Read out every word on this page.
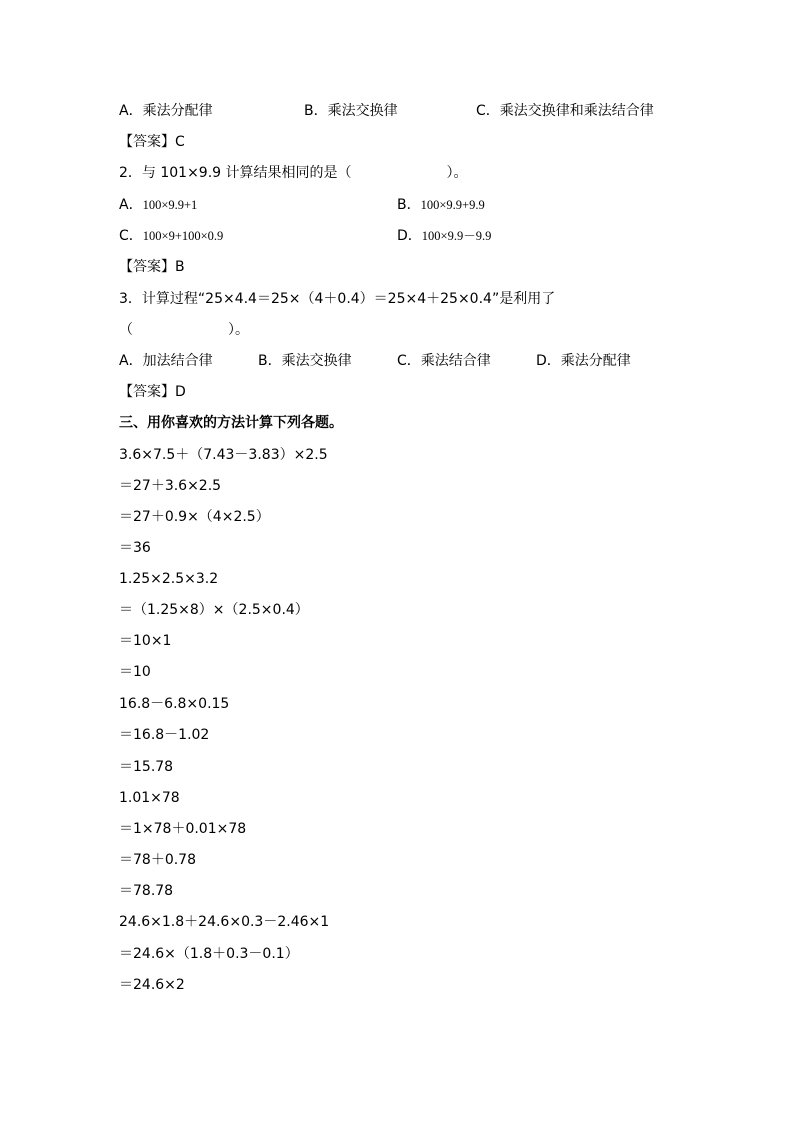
A．乘法分配律	B．乘法交换律	C．乘法交换律和乘法结合律
【答案】C
2．与 101×9.9 计算结果相同的是（	）。
A．100×9.9+1	B．100×9.9+9.9
C．100×9+100×0.9	D．100×9.9－9.9
【答案】B
3．计算过程“25×4.4＝25×（4＋0.4）＝25×4＋25×0.4”是利用了
（	）。
A．加法结合律	B．乘法交换律	C．乘法结合律	D．乘法分配律
【答案】D
三、用你喜欢的方法计算下列各题。
3.6×7.5＋（7.43－3.83）×2.5
＝27＋3.6×2.5
＝27＋0.9×（4×2.5）
＝36
1.25×2.5×3.2
＝（1.25×8）×（2.5×0.4）
＝10×1
＝10
16.8－6.8×0.15
＝16.8－1.02
＝15.78
1.01×78
＝1×78＋0.01×78
＝78＋0.78
＝78.78
24.6×1.8＋24.6×0.3－2.46×1
＝24.6×（1.8＋0.3－0.1）
＝24.6×2
